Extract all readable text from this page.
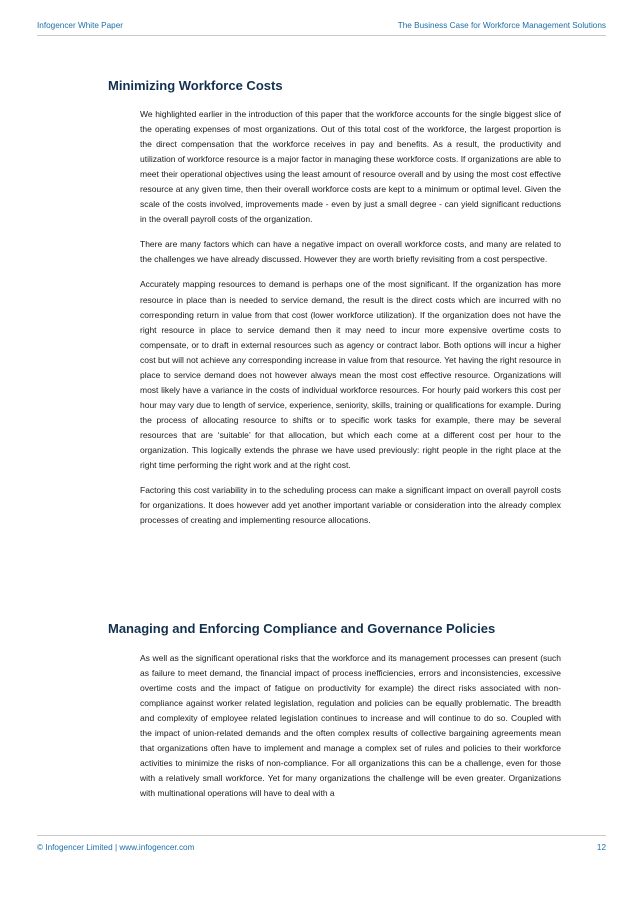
Infogencer White Paper	The Business Case for Workforce Management Solutions
Minimizing Workforce Costs

We highlighted earlier in the introduction of this paper that the workforce accounts for the single biggest slice of the operating expenses of most organizations. Out of this total cost of the workforce, the largest proportion is the direct compensation that the workforce receives in pay and benefits. As a result, the productivity and utilization of workforce resource is a major factor in managing these workforce costs. If organizations are able to meet their operational objectives using the least amount of resource overall and by using the most cost effective resource at any given time, then their overall workforce costs are kept to a minimum or optimal level. Given the scale of the costs involved, improvements made - even by just a small degree - can yield significant reductions in the overall payroll costs of the organization.

There are many factors which can have a negative impact on overall workforce costs, and many are related to the challenges we have already discussed. However they are worth briefly revisiting from a cost perspective.

Accurately mapping resources to demand is perhaps one of the most significant. If the organization has more resource in place than is needed to service demand, the result is the direct costs which are incurred with no corresponding return in value from that cost (lower workforce utilization). If the organization does not have the right resource in place to service demand then it may need to incur more expensive overtime costs to compensate, or to draft in external resources such as agency or contract labor. Both options will incur a higher cost but will not achieve any corresponding increase in value from that resource. Yet having the right resource in place to service demand does not however always mean the most cost effective resource. Organizations will most likely have a variance in the costs of individual workforce resources. For hourly paid workers this cost per hour may vary due to length of service, experience, seniority, skills, training or qualifications for example. During the process of allocating resource to shifts or to specific work tasks for example, there may be several resources that are ‘suitable’ for that allocation, but which each come at a different cost per hour to the organization. This logically extends the phrase we have used previously: right people in the right place at the right time performing the right work and at the right cost.

Factoring this cost variability in to the scheduling process can make a significant impact on overall payroll costs for organizations. It does however add yet another important variable or consideration into the already complex processes of creating and implementing resource allocations.

Managing and Enforcing Compliance and Governance Policies

As well as the significant operational risks that the workforce and its management processes can present (such as failure to meet demand, the financial impact of process inefficiencies, errors and inconsistencies, excessive overtime costs and the impact of fatigue on productivity for example) the direct risks associated with non-compliance against worker related legislation, regulation and policies can be equally problematic. The breadth and complexity of employee related legislation continues to increase and will continue to do so. Coupled with the impact of union-related demands and the often complex results of collective bargaining agreements mean that organizations often have to implement and manage a complex set of rules and policies to their workforce activities to minimize the risks of non-compliance. For all organizations this can be a challenge, even for those with a relatively small workforce. Yet for many organizations the challenge will be even greater. Organizations with multinational operations will have to deal with a

© Infogencer Limited | www.infogencer.com	12
